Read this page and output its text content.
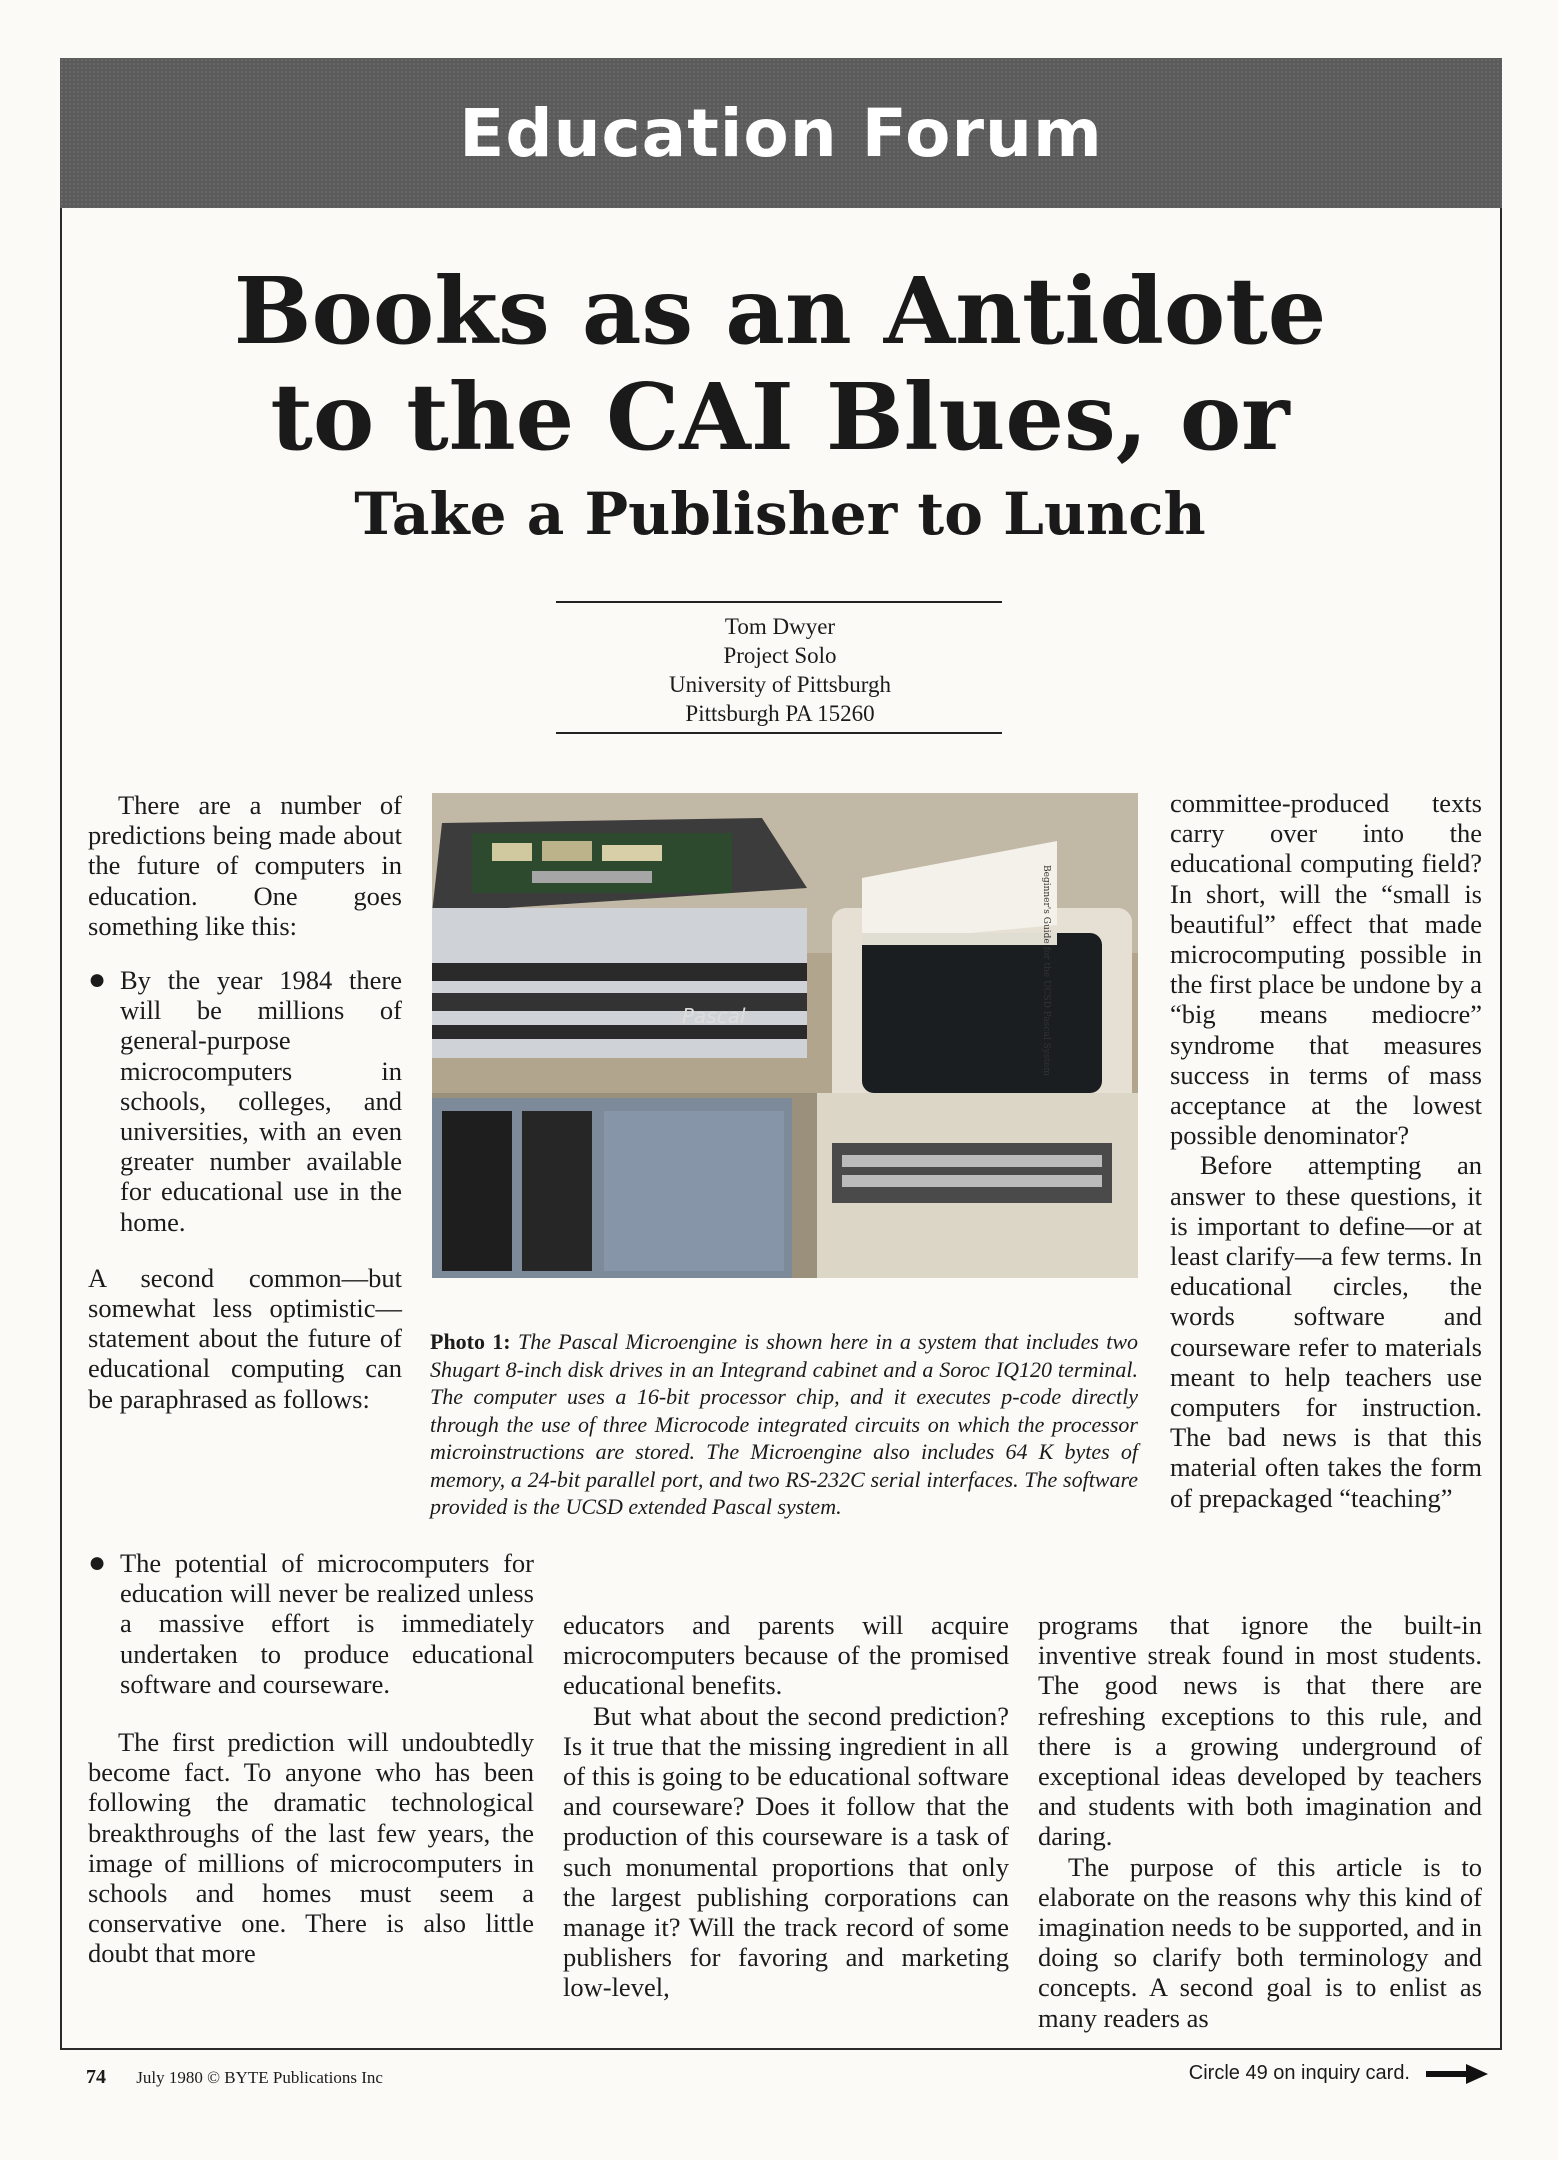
Education Forum
Books as an Antidote
to the CAI Blues, or
Take a Publisher to Lunch
Tom Dwyer
Project Solo
University of Pittsburgh
Pittsburgh PA 15260

There are a number of predictions being made about the future of computers in education. One goes something like this:

● By the year 1984 there will be millions of general-purpose microcomputers in schools, colleges, and universities, with an even greater number available for educational use in the home.

A second common—but somewhat less optimistic—statement about the future of educational computing can be paraphrased as follows:

● The potential of microcomputers for education will never be realized unless a massive effort is immediately undertaken to produce educational software and courseware.

The first prediction will undoubtedly become fact. To anyone who has been following the dramatic technological breakthroughs of the last few years, the image of millions of microcomputers in schools and homes must seem a conservative one. There is also little doubt that more

Pascal	Beginner's Guide for the UCSD Pascal System
Photo 1: The Pascal Microengine is shown here in a system that includes two Shugart 8-inch disk drives in an Integrand cabinet and a Soroc IQ120 terminal. The computer uses a 16-bit processor chip, and it executes p-code directly through the use of three Microcode integrated circuits on which the processor microinstructions are stored. The Microengine also includes 64 K bytes of memory, a 24-bit parallel port, and two RS-232C serial interfaces. The software provided is the UCSD extended Pascal system.

educators and parents will acquire microcomputers because of the promised educational benefits.

But what about the second prediction? Is it true that the missing ingredient in all of this is going to be educational software and courseware? Does it follow that the production of this courseware is a task of such monumental proportions that only the largest publishing corporations can manage it? Will the track record of some publishers for favoring and marketing low-level,

committee-produced texts carry over into the educational computing field? In short, will the “small is beautiful” effect that made microcomputing possible in the first place be undone by a “big means mediocre” syndrome that measures success in terms of mass acceptance at the lowest possible denominator?

Before attempting an answer to these questions, it is important to define—or at least clarify—a few terms. In educational circles, the words software and courseware refer to materials meant to help teachers use computers for instruction. The bad news is that this material often takes the form of prepackaged “teaching”

programs that ignore the built-in inventive streak found in most students. The good news is that there are refreshing exceptions to this rule, and there is a growing underground of exceptional ideas developed by teachers and students with both imagination and daring.

The purpose of this article is to elaborate on the reasons why this kind of imagination needs to be supported, and in doing so clarify both terminology and concepts. A second goal is to enlist as many readers as

74 July 1980 © BYTE Publications Inc	Circle 49 on inquiry card.
